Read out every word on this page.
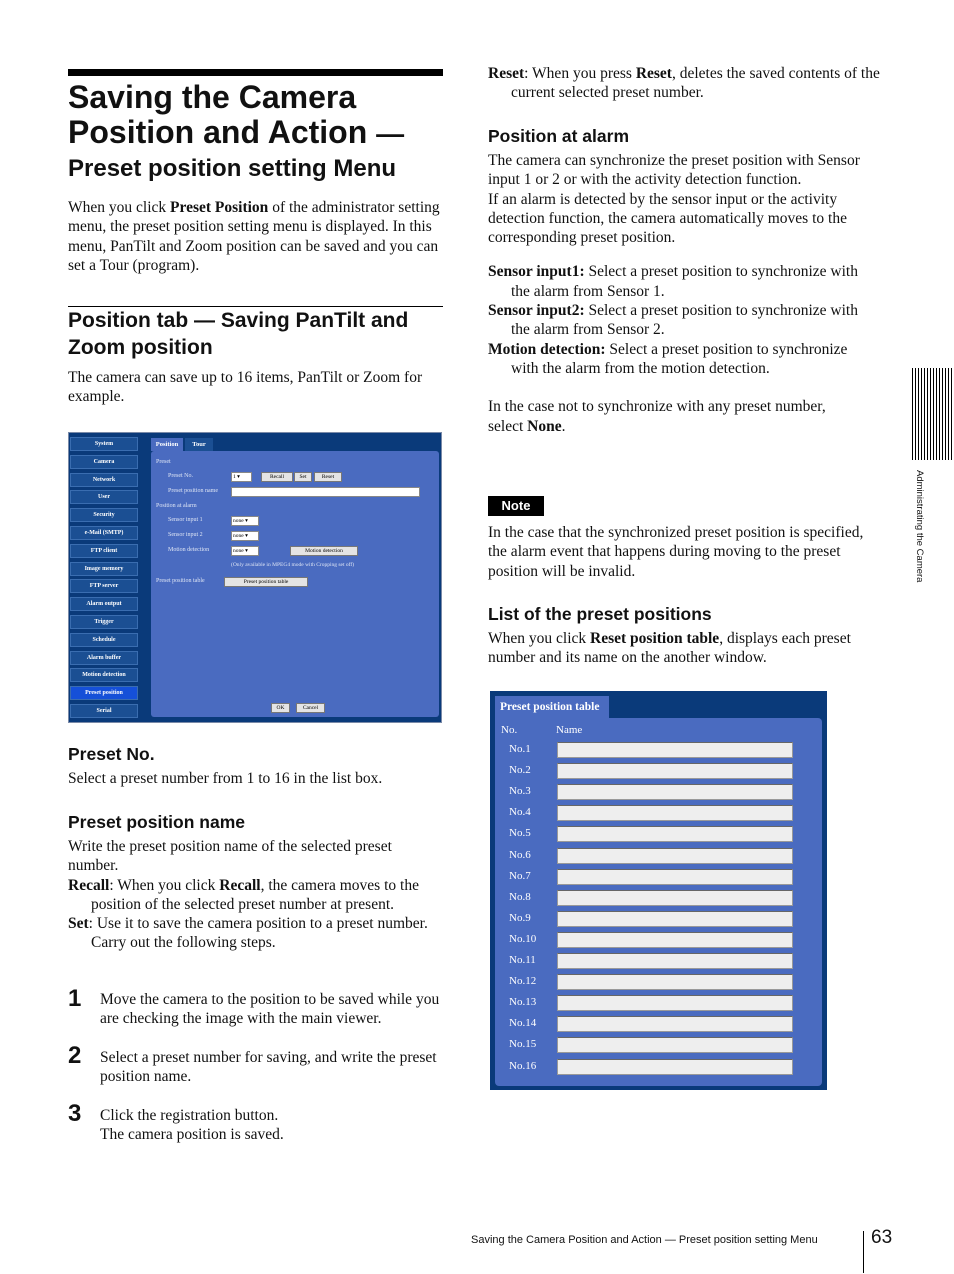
Saving the Camera
Position and Action —
Preset position setting Menu

When you click Preset Position of the administrator setting menu, the preset position setting menu is displayed. In this menu, PanTilt and Zoom position can be saved and you can set a Tour (program).

Position tab — Saving PanTilt and Zoom position

The camera can save up to 16 items, PanTilt or Zoom for example.

System
Camera
Network
User
Security
e-Mail (SMTP)
FTP client
Image memory
FTP server
Alarm output
Trigger
Schedule
Alarm buffer
Motion detection
Preset position
Serial
Position	Tour
Preset
Preset No.	1 ▾	Recall	Set	Reset
Preset position name
Position at alarm
Sensor input 1	none ▾
Sensor input 2	none ▾
Motion detection	none ▾	Motion detection
(Only available in MPEG4 mode with Cropping set off)
Preset position table	Preset position table
OK	Cancel
Preset No.

Select a preset number from 1 to 16 in the list box.

Preset position name

Write the preset position name of the selected preset number.

Recall: When you click Recall, the camera moves to the position of the selected preset number at present.

Set: Use it to save the camera position to a preset number.

Carry out the following steps.

1 Move the camera to the position to be saved while you are checking the image with the main viewer.

2 Select a preset number for saving, and write the preset position name.

3 Click the registration button.

The camera position is saved.

Reset: When you press Reset, deletes the saved contents of the current selected preset number.

Position at alarm

The camera can synchronize the preset position with Sensor input 1 or 2 or with the activity detection function.

If an alarm is detected by the sensor input or the activity detection function, the camera automatically moves to the corresponding preset position.

Sensor input1: Select a preset position to synchronize with the alarm from Sensor 1.

Sensor input2: Select a preset position to synchronize with the alarm from Sensor 2.

Motion detection: Select a preset position to synchronize with the alarm from the motion detection.

In the case not to synchronize with any preset number, select None.

Note

In the case that the synchronized preset position is specified, the alarm event that happens during moving to the preset position will be invalid.

List of the preset positions

When you click Reset position table, displays each preset number and its name on the another window.

Preset position table
No.	Name
No.1
No.2
No.3
No.4
No.5
No.6
No.7
No.8
No.9
No.10
No.11
No.12
No.13
No.14
No.15
No.16
Administrating the Camera
Saving the Camera Position and Action — Preset position setting Menu	63
